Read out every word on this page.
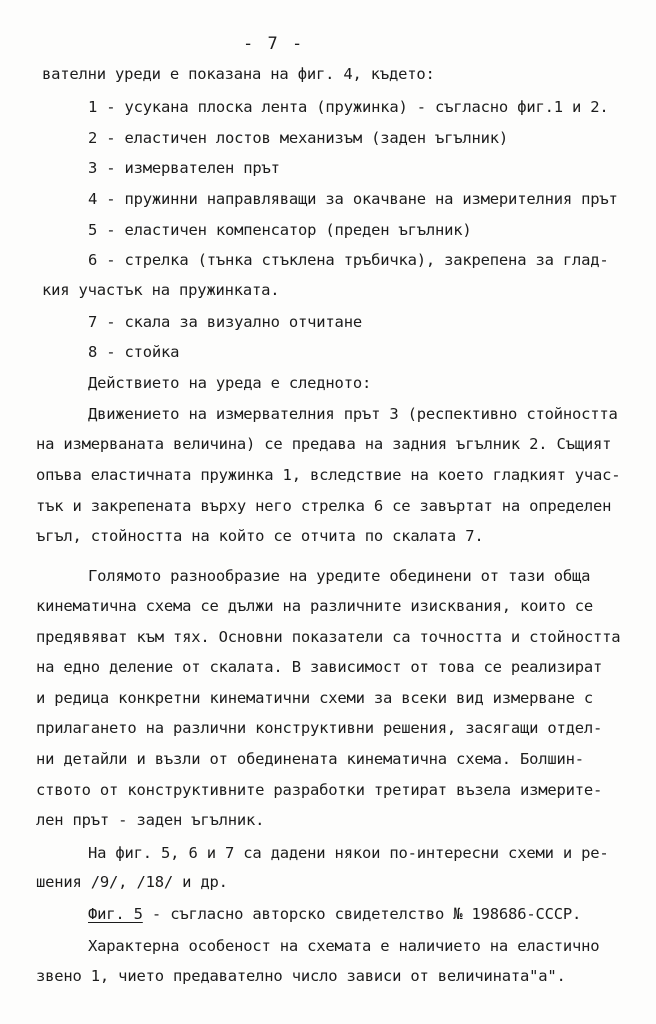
- 7 -
вателни уреди е показана на фиг. 4, където:
1 - усукана плоска лента (пружинка) - съгласно фиг.1 и 2.
2 - еластичен лостов механизъм (заден ъгълник)
3 - измервателен прът
4 - пружинни направляващи за окачване на измерителния прът
5 - еластичен компенсатор (преден ъгълник)
6 - стрелка (тънка стъклена тръбичка), закрепена за глад-
кия участък на пружинката.
7 - скала за визуално отчитане
8 - стойка
Действието на уреда е следното:
Движението на измервателния прът 3 (респективно стойността
на измерваната величина) се предава на задния ъгълник 2. Същият
опъва еластичната пружинка 1, вследствие на което гладкият учас-
тък и закрепената върху него стрелка 6 се завъртат на определен
ъгъл, стойността на който се отчита по скалата 7.
Голямото разнообразие на уредите обединени от тази обща
кинематична схема се дължи на различните изисквания, които се
предявяват към тях. Основни показатели са точността и стойността
на едно деление от скалата. В зависимост от това се реализират
и редица конкретни кинематични схеми за всеки вид измерване с
прилагането на различни конструктивни решения, засягащи отдел-
ни детайли и възли от обединената кинематична схема. Болшин-
ството от конструктивните разработки третират възела измерите-
лен прът - заден ъгълник.
На фиг. 5, 6 и 7 са дадени някои по-интересни схеми и ре-
шения /9/, /18/ и др.
Фиг. 5 - съгласно авторско свидетелство № 198686-СССР.
Характерна особеност на схемата е наличието на еластично
звено 1, чието предавателно число зависи от величината"а".
